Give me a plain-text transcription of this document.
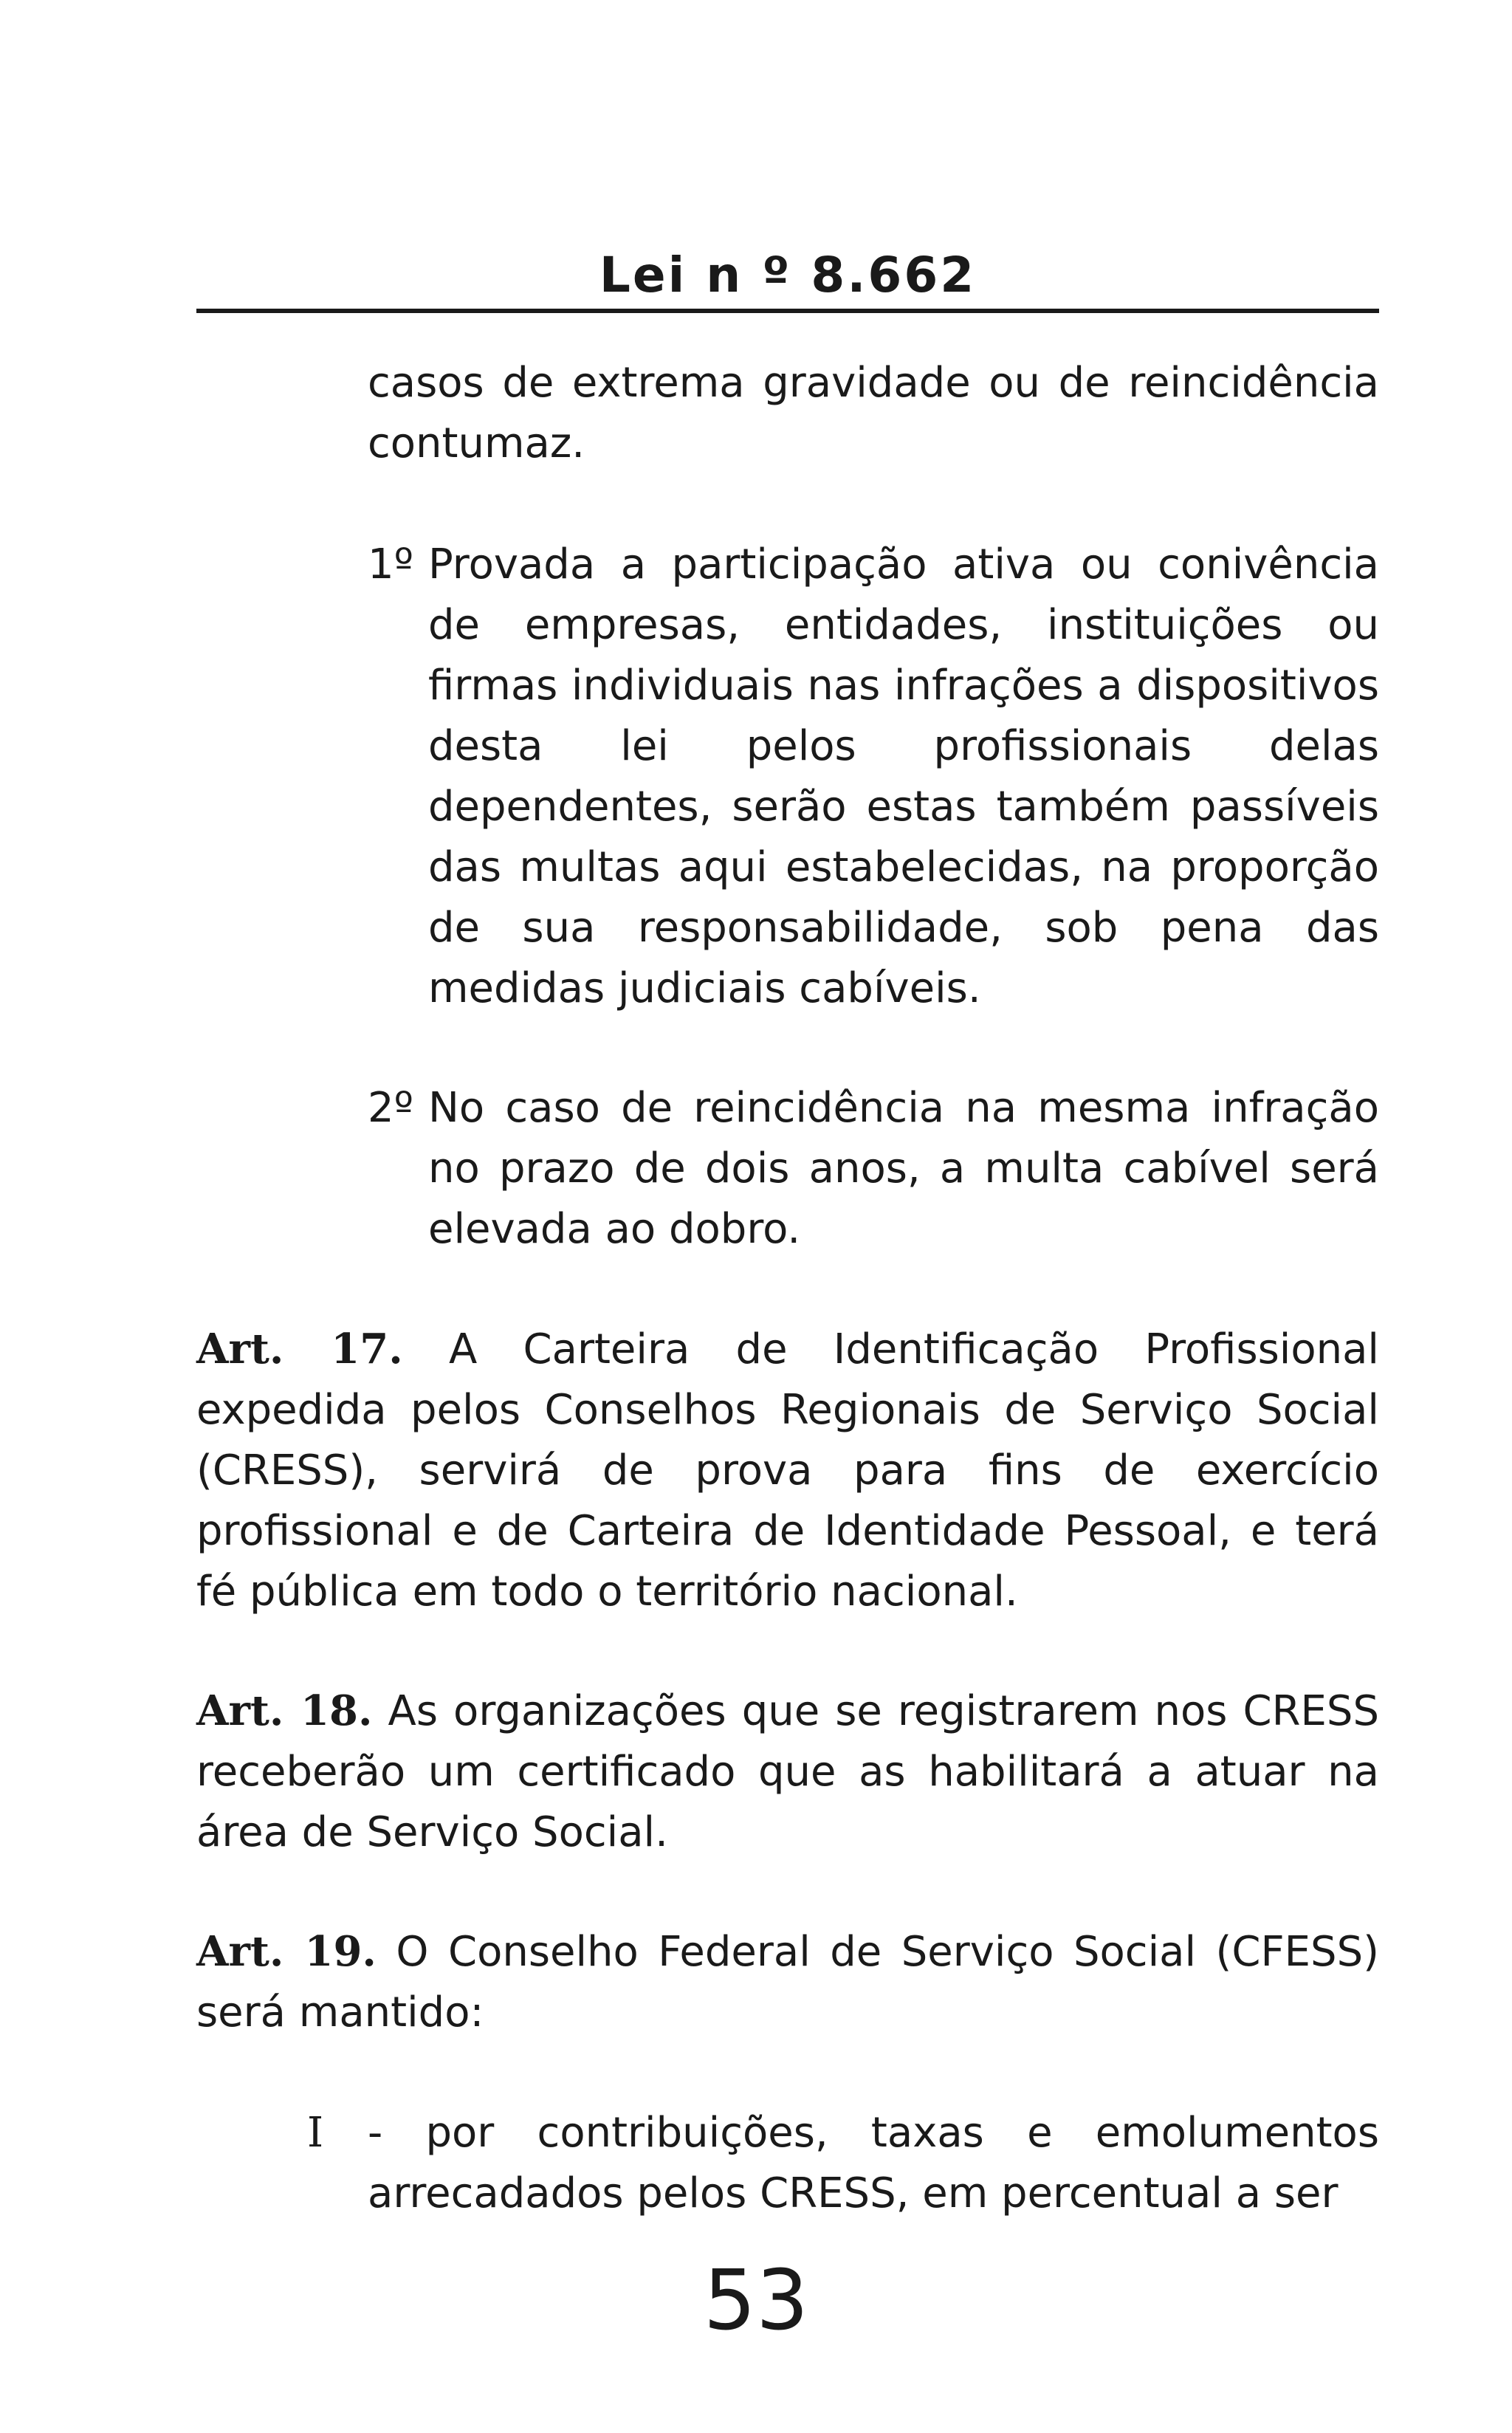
Lei n º 8.662

casos de extrema gravidade ou de reincidência contumaz.

1º Provada a participação ativa ou conivência de empresas, entidades, instituições ou firmas individuais nas infrações a dispositivos desta lei pelos profissionais delas dependentes, serão estas também passíveis das multas aqui estabelecidas, na proporção de sua responsabilidade, sob pena das medidas judiciais cabíveis.
2º No caso de reincidência na mesma infração no prazo de dois anos, a multa cabível será elevada ao dobro.

Art. 17. A Carteira de Identificação Profissional expedida pelos Conselhos Regionais de Serviço Social (CRESS), servirá de prova para fins de exercício profissional e de Carteira de Identidade Pessoal, e terá fé pública em todo o território nacional.

Art. 18. As organizações que se registrarem nos CRESS receberão um certificado que as habilitará a atuar na área de Serviço Social.

Art. 19. O Conselho Federal de Serviço Social (CFESS) será mantido:

I - por contribuições, taxas e emolumentos arrecadados pelos CRESS, em percentual a ser
53
